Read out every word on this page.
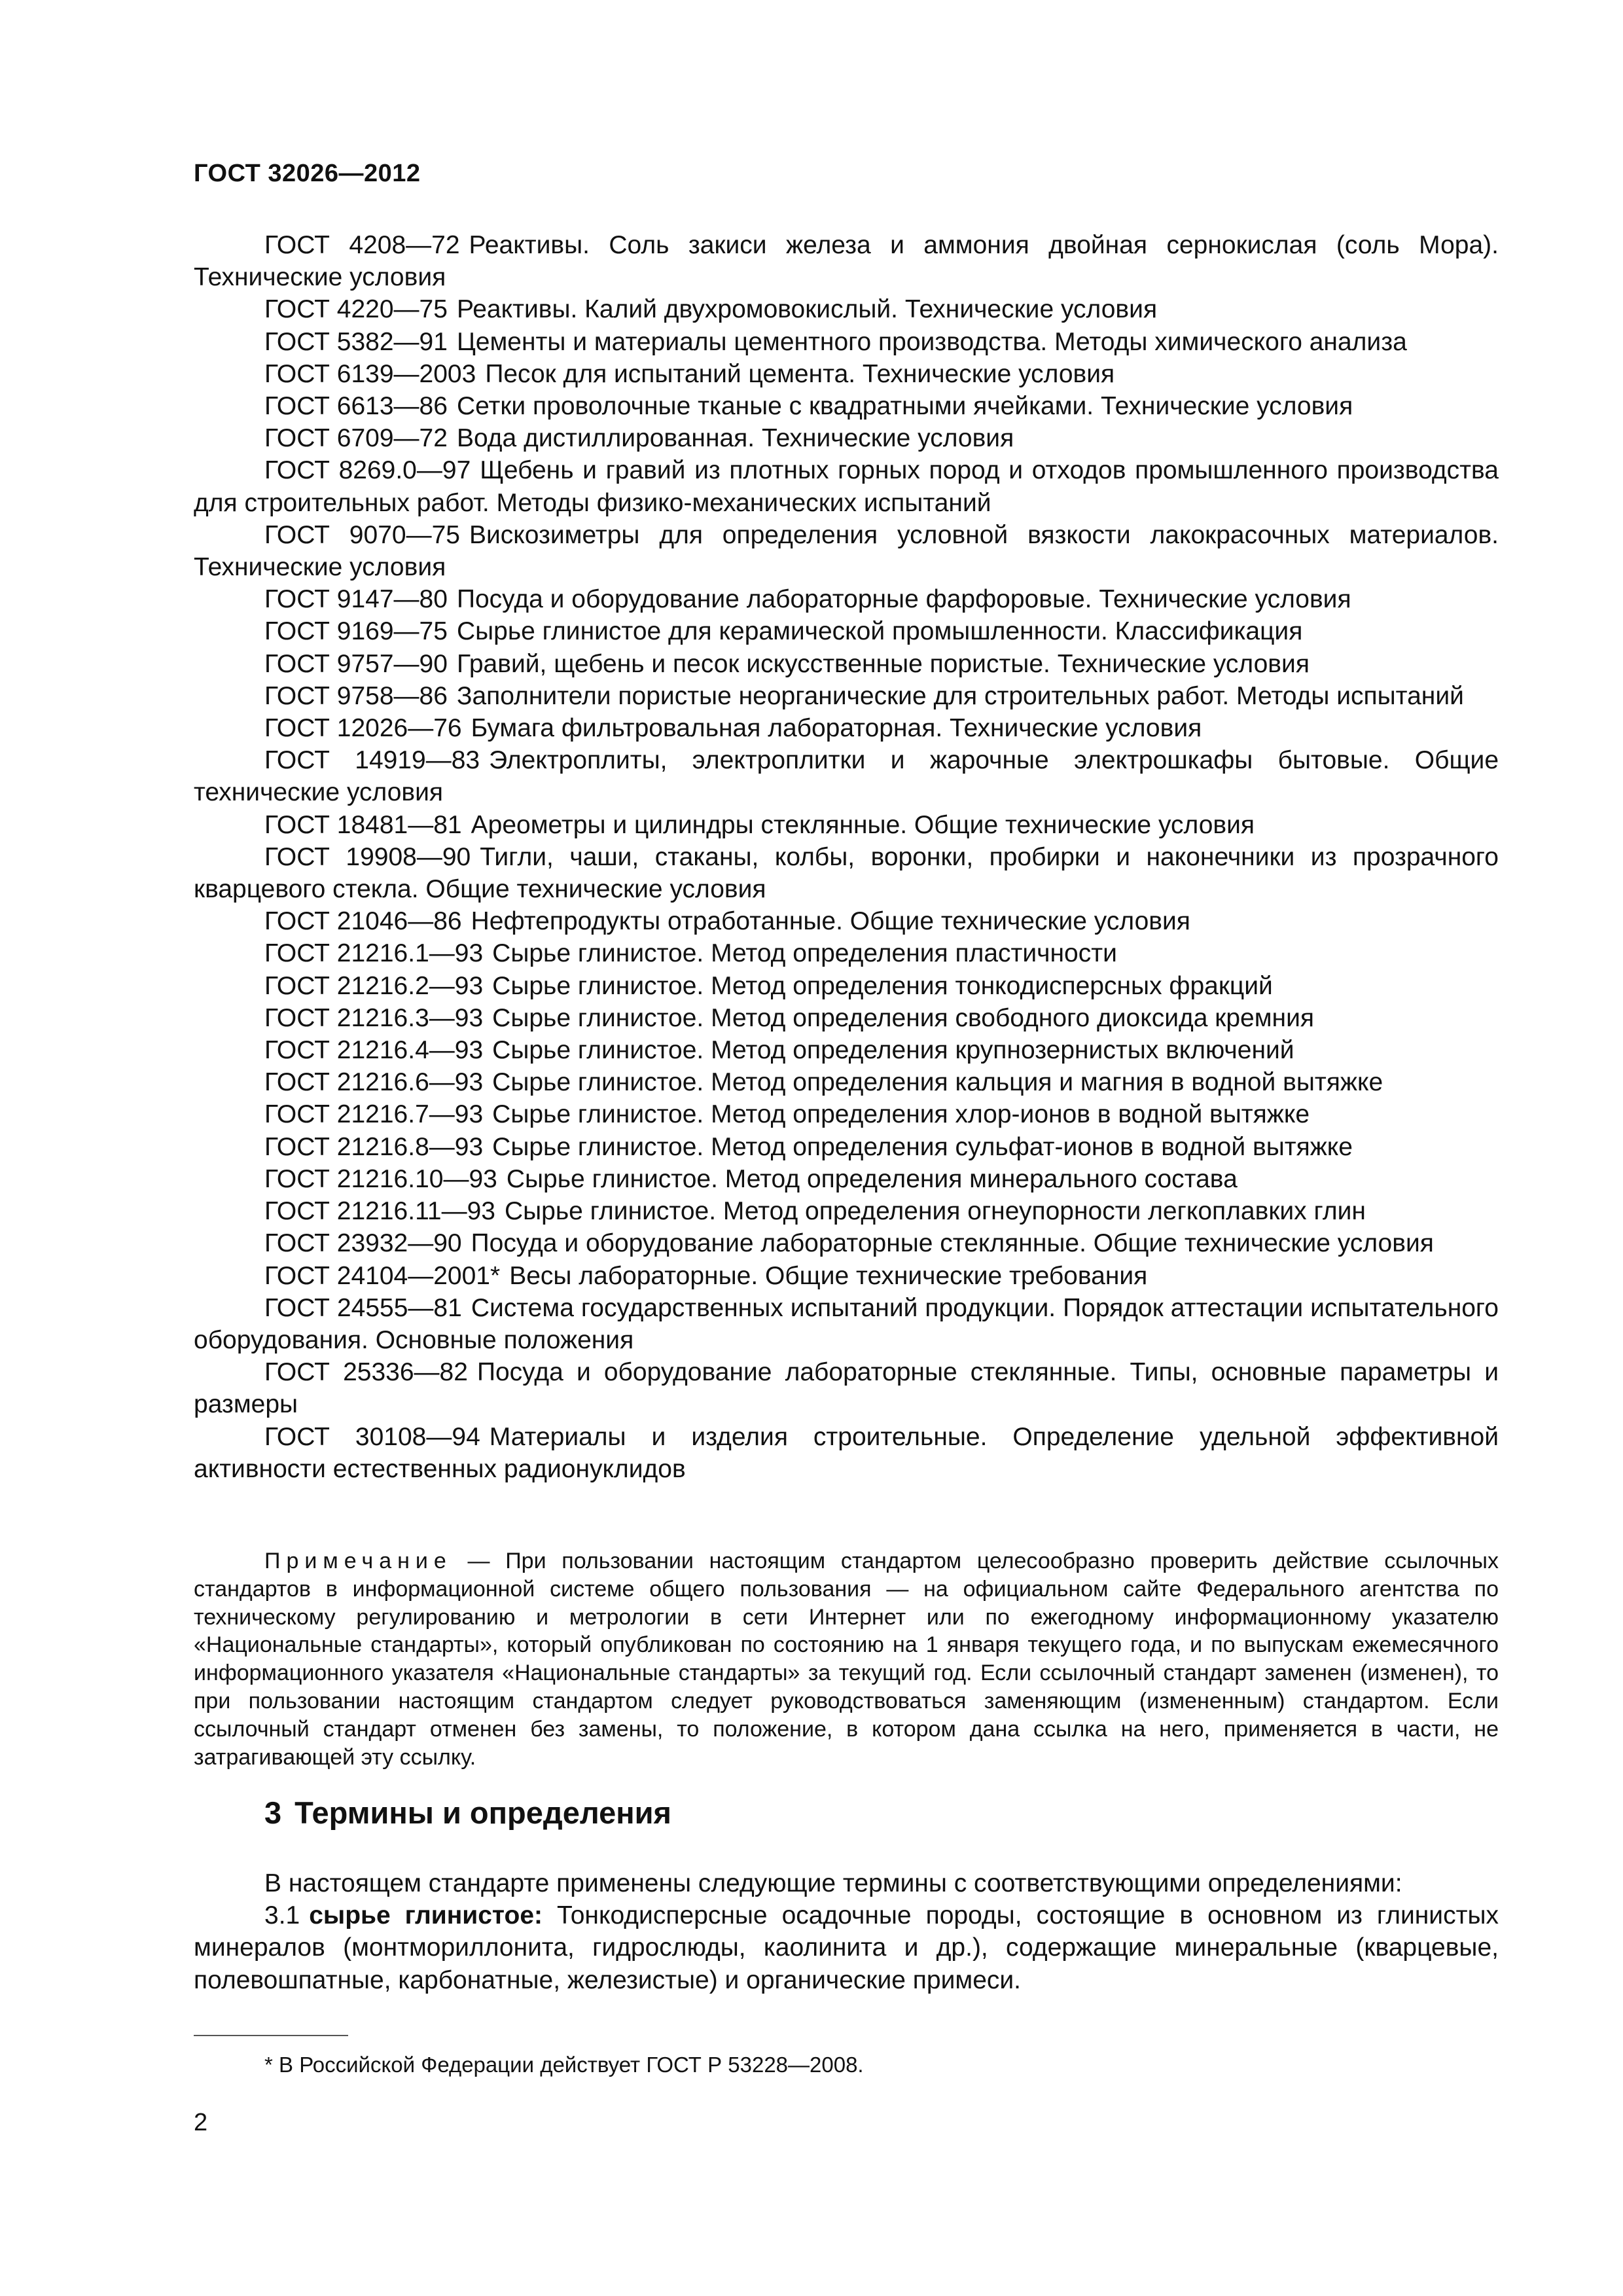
ГОСТ 32026—2012

ГОСТ 4208—72 Реактивы. Соль закиси железа и аммония двойная сернокислая (соль Мора). Технические условия

ГОСТ 4220—75 Реактивы. Калий двухромовокислый. Технические условия

ГОСТ 5382—91 Цементы и материалы цементного производства. Методы химического анализа

ГОСТ 6139—2003 Песок для испытаний цемента. Технические условия

ГОСТ 6613—86 Сетки проволочные тканые с квадратными ячейками. Технические условия

ГОСТ 6709—72 Вода дистиллированная. Технические условия

ГОСТ 8269.0—97 Щебень и гравий из плотных горных пород и отходов промышленного производства для строительных работ. Методы физико-механических испытаний

ГОСТ 9070—75 Вискозиметры для определения условной вязкости лакокрасочных материалов. Технические условия

ГОСТ 9147—80 Посуда и оборудование лабораторные фарфоровые. Технические условия

ГОСТ 9169—75 Сырье глинистое для керамической промышленности. Классификация

ГОСТ 9757—90 Гравий, щебень и песок искусственные пористые. Технические условия

ГОСТ 9758—86 Заполнители пористые неорганические для строительных работ. Методы испытаний

ГОСТ 12026—76 Бумага фильтровальная лабораторная. Технические условия

ГОСТ 14919—83 Электроплиты, электроплитки и жарочные электрошкафы бытовые. Общие технические условия

ГОСТ 18481—81 Ареометры и цилиндры стеклянные. Общие технические условия

ГОСТ 19908—90 Тигли, чаши, стаканы, колбы, воронки, пробирки и наконечники из прозрачного кварцевого стекла. Общие технические условия

ГОСТ 21046—86 Нефтепродукты отработанные. Общие технические условия

ГОСТ 21216.1—93 Сырье глинистое. Метод определения пластичности

ГОСТ 21216.2—93 Сырье глинистое. Метод определения тонкодисперсных фракций

ГОСТ 21216.3—93 Сырье глинистое. Метод определения свободного диоксида кремния

ГОСТ 21216.4—93 Сырье глинистое. Метод определения крупнозернистых включений

ГОСТ 21216.6—93 Сырье глинистое. Метод определения кальция и магния в водной вытяжке

ГОСТ 21216.7—93 Сырье глинистое. Метод определения хлор-ионов в водной вытяжке

ГОСТ 21216.8—93 Сырье глинистое. Метод определения сульфат-ионов в водной вытяжке

ГОСТ 21216.10—93 Сырье глинистое. Метод определения минерального состава

ГОСТ 21216.11—93 Сырье глинистое. Метод определения огнеупорности легкоплавких глин

ГОСТ 23932—90 Посуда и оборудование лабораторные стеклянные. Общие технические условия

ГОСТ 24104—2001* Весы лабораторные. Общие технические требования

ГОСТ 24555—81 Система государственных испытаний продукции. Порядок аттестации испытательного оборудования. Основные положения

ГОСТ 25336—82 Посуда и оборудование лабораторные стеклянные. Типы, основные параметры и размеры

ГОСТ 30108—94 Материалы и изделия строительные. Определение удельной эффективной активности естественных радионуклидов

Примечание — При пользовании настоящим стандартом целесообразно проверить действие ссылочных стандартов в информационной системе общего пользования — на официальном сайте Федерального агентства по техническому регулированию и метрологии в сети Интернет или по ежегодному информационному указателю «Национальные стандарты», который опубликован по состоянию на 1 января текущего года, и по выпускам ежемесячного информационного указателя «Национальные стандарты» за текущий год. Если ссылочный стандарт заменен (изменен), то при пользовании настоящим стандартом следует руководствоваться заменяющим (измененным) стандартом. Если ссылочный стандарт отменен без замены, то положение, в котором дана ссылка на него, применяется в части, не затрагивающей эту ссылку.

3 Термины и определения

В настоящем стандарте применены следующие термины с соответствующими определениями:

3.1 сырье глинистое: Тонкодисперсные осадочные породы, состоящие в основном из глинистых минералов (монтмориллонита, гидрослюды, каолинита и др.), содержащие минеральные (кварцевые, полевошпатные, карбонатные, железистые) и органические примеси.

* В Российской Федерации действует ГОСТ Р 53228—2008.
2
